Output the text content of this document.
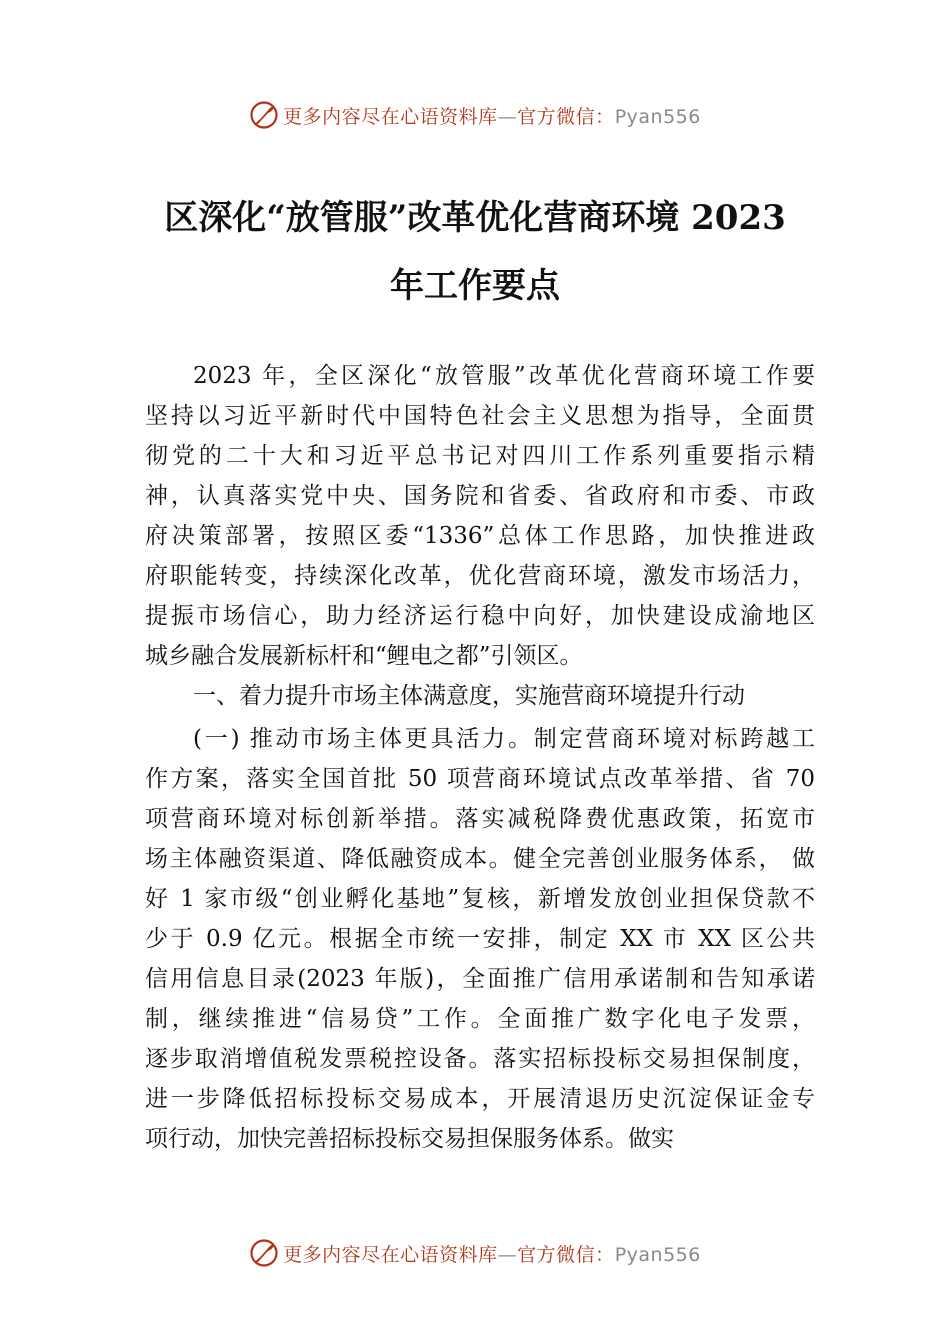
更多内容尽在心语资料库—官方微信：Pyan556
区深化“放管服”改革优化营商环境 2023
年工作要点
2023 年，全区深化“放管服”改革优化营商环境工作要
坚持以习近平新时代中国特色社会主义思想为指导，全面贯
彻党的二十大和习近平总书记对四川工作系列重要指示精
神，认真落实党中央、国务院和省委、省政府和市委、市政
府决策部署，按照区委“1336”总体工作思路，加快推进政
府职能转变，持续深化改革，优化营商环境，激发市场活力，
提振市场信心，助力经济运行稳中向好，加快建设成渝地区
城乡融合发展新标杆和“鲤电之都”引领区。
一、着力提升市场主体满意度，实施营商环境提升行动
(一) 推动市场主体更具活力。制定营商环境对标跨越工
作方案，落实全国首批 50 项营商环境试点改革举措、省 70
项营商环境对标创新举措。落实减税降费优惠政策，拓宽市
场主体融资渠道、降低融资成本。健全完善创业服务体系， 做
好 1 家市级“创业孵化基地”复核，新增发放创业担保贷款不
少于 0.9 亿元。根据全市统一安排，制定 XX 市 XX 区公共
信用信息目录(2023 年版)，全面推广信用承诺制和告知承诺
制，继续推进“信易贷”工作。全面推广数字化电子发票，
逐步取消增值税发票税控设备。落实招标投标交易担保制度，
进一步降低招标投标交易成本，开展清退历史沉淀保证金专
项行动，加快完善招标投标交易担保服务体系。做实
更多内容尽在心语资料库—官方微信：Pyan556
